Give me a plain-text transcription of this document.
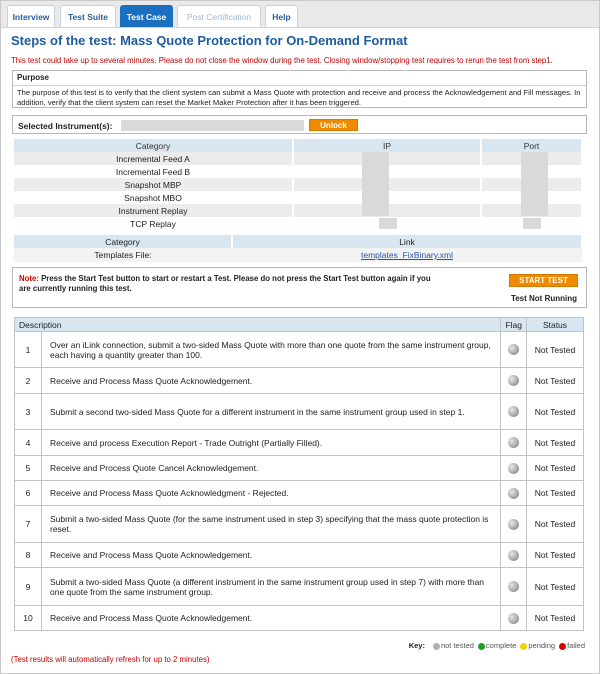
Interview	Test Suite	Test Case	Post Certification	Help
Steps of the test: Mass Quote Protection for On-Demand Format
This test could take up to several minutes. Please do not close the window during the test. Closing window/stopping test requires to rerun the test from step1.
Purpose
The purpose of this test is to verify that the client system can submit a Mass Quote with protection and receive and process the Acknowledgement and Fill messages. In addition, verify that the client system can reset the Market Maker Protection after it has been triggered.
Selected Instrument(s):	Unlock
Category	IP	Port
Incremental Feed A		
Incremental Feed B		
Snapshot MBP		
Snapshot MBO		
Instrument Replay		
TCP Replay		
Category	Link
Templates File:	templates_FixBinary.xml
Note: Press the Start Test button to start or restart a Test. Please do not press the Start Test button again if you are currently running this test.
START TEST
Test Not Running
Description		Flag	Status
1	Over an iLink connection, submit a two-sided Mass Quote with more than one quote from the same instrument group, each having a quantity greater than 100.		Not Tested
2	Receive and Process Mass Quote Acknowledgement.		Not Tested
3	Submit a second two-sided Mass Quote for a different instrument in the same instrument group used in step 1.		Not Tested
4	Receive and process Execution Report - Trade Outright (Partially Filled).		Not Tested
5	Receive and Process Quote Cancel Acknowledgement.		Not Tested
6	Receive and Process Mass Quote Acknowledgment - Rejected.		Not Tested
7	Submit a two-sided Mass Quote (for the same instrument used in step 3) specifying that the mass quote protection is reset.		Not Tested
8	Receive and Process Mass Quote Acknowledgement.		Not Tested
9	Submit a two-sided Mass Quote (a different instrument in the same instrument group used in step 7) with more than one quote from the same instrument group.		Not Tested
10	Receive and Process Mass Quote Acknowledgement.		Not Tested
Key:	not tested	complete	pending	failed
(Test results will automatically refresh for up to 2 minutes)
